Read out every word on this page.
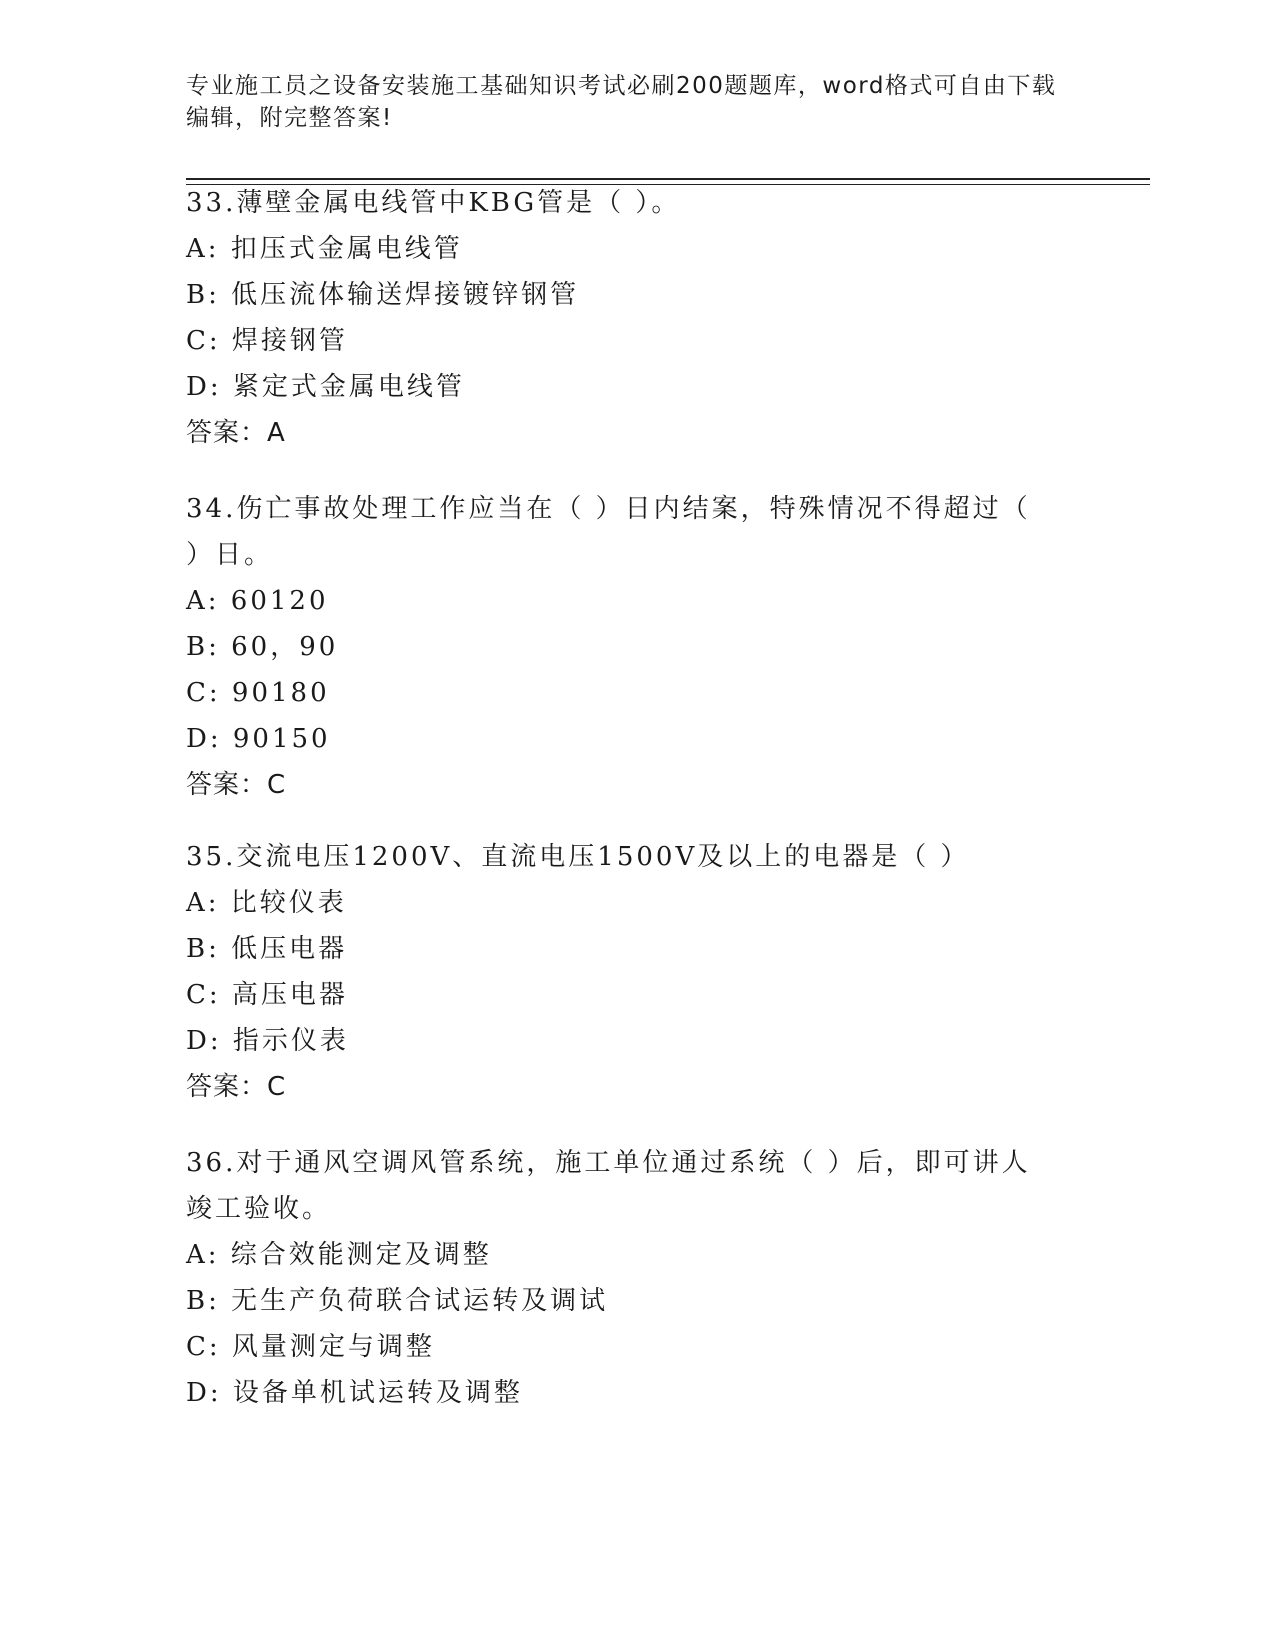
专业施工员之设备安装施工基础知识考试必刷200题题库，word格式可自由下载编辑，附完整答案!
33.薄壁金属电线管中KBG管是（ ）。
A: 扣压式金属电线管
B: 低压流体输送焊接镀锌钢管
C: 焊接钢管
D: 紧定式金属电线管
答案：A
34.伤亡事故处理工作应当在（ ）日内结案，特殊情况不得超过（ ）日。
A: 60120
B: 60，90
C: 90180
D: 90150
答案：C
35.交流电压1200V、直流电压1500V及以上的电器是（ ）
A: 比较仪表
B: 低压电器
C: 高压电器
D: 指示仪表
答案：C
36.对于通风空调风管系统，施工单位通过系统（ ）后，即可讲人竣工验收。
A: 综合效能测定及调整
B: 无生产负荷联合试运转及调试
C: 风量测定与调整
D: 设备单机试运转及调整
